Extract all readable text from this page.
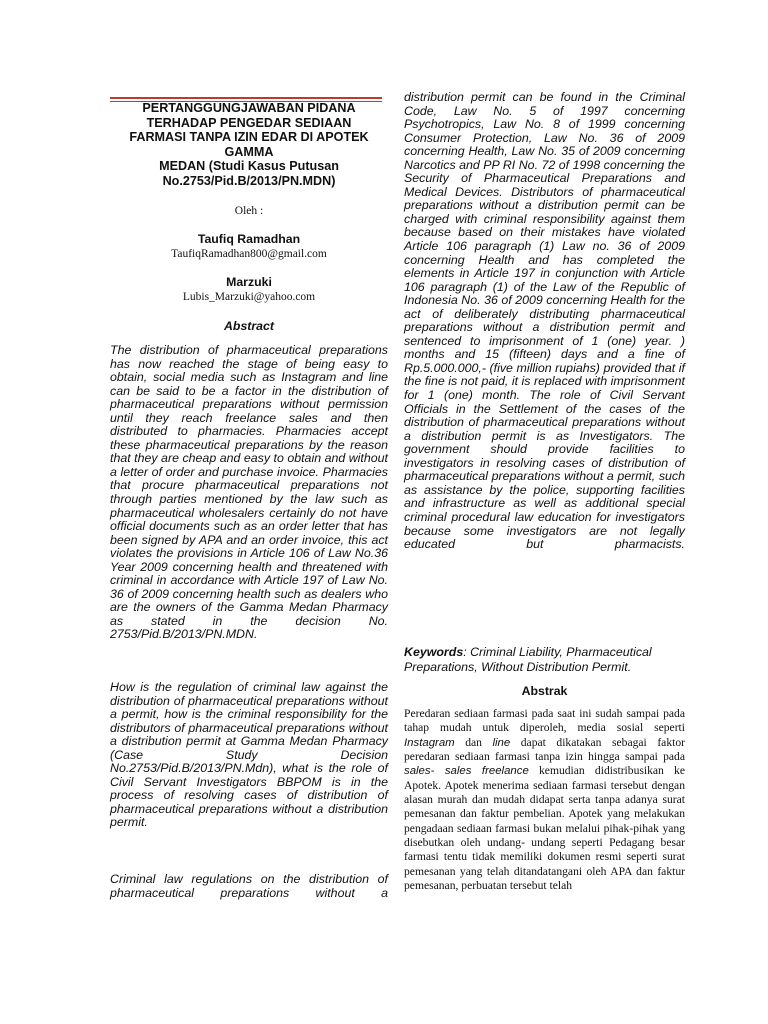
PERTANGGUNGJAWABAN PIDANA
TERHADAP PENGEDAR SEDIAAN
FARMASI TANPA IZIN EDAR DI APOTEK
GAMMA
MEDAN (Studi Kasus Putusan
No.2753/Pid.B/2013/PN.MDN)
Oleh :
Taufiq Ramadhan
TaufiqRamadhan800@gmail.com
Marzuki
Lubis_Marzuki@yahoo.com
Abstract

The distribution of pharmaceutical preparations has now reached the stage of being easy to obtain, social media such as Instagram and line can be said to be a factor in the distribution of pharmaceutical preparations without permission until they reach freelance sales and then distributed to pharmacies. Pharmacies accept these pharmaceutical preparations by the reason that they are cheap and easy to obtain and without a letter of order and purchase invoice. Pharmacies that procure pharmaceutical preparations not through parties mentioned by the law such as pharmaceutical wholesalers certainly do not have official documents such as an order letter that has been signed by APA and an order invoice, this act violates the provisions in Article 106 of Law No.36 Year 2009 concerning health and threatened with criminal in accordance with Article 197 of Law No. 36 of 2009 concerning health such as dealers who are the owners of the Gamma Medan Pharmacy as stated in the decision No. 2753/Pid.B/2013/PN.MDN.

How is the regulation of criminal law against the distribution of pharmaceutical preparations without a permit, how is the criminal responsibility for the distributors of pharmaceutical preparations without a distribution permit at Gamma Medan Pharmacy (Case Study Decision No.2753/Pid.B/2013/PN.Mdn), what is the role of Civil Servant Investigators BBPOM is in the process of resolving cases of distribution of pharmaceutical preparations without a distribution permit.

Criminal law regulations on the distribution of pharmaceutical preparations without a

distribution permit can be found in the Criminal Code, Law No. 5 of 1997 concerning Psychotropics, Law No. 8 of 1999 concerning Consumer Protection, Law No. 36 of 2009 concerning Health, Law No. 35 of 2009 concerning Narcotics and PP RI No. 72 of 1998 concerning the Security of Pharmaceutical Preparations and Medical Devices. Distributors of pharmaceutical preparations without a distribution permit can be charged with criminal responsibility against them because based on their mistakes have violated Article 106 paragraph (1) Law no. 36 of 2009 concerning Health and has completed the elements in Article 197 in conjunction with Article 106 paragraph (1) of the Law of the Republic of Indonesia No. 36 of 2009 concerning Health for the act of deliberately distributing pharmaceutical preparations without a distribution permit and sentenced to imprisonment of 1 (one) year. ) months and 15 (fifteen) days and a fine of Rp.5.000.000,- (five million rupiahs) provided that if the fine is not paid, it is replaced with imprisonment for 1 (one) month. The role of Civil Servant Officials in the Settlement of the cases of the distribution of pharmaceutical preparations without a distribution permit is as Investigators. The government should provide facilities to investigators in resolving cases of distribution of pharmaceutical preparations without a permit, such as assistance by the police, supporting facilities and infrastructure as well as additional special criminal procedural law education for investigators because some investigators are not legally educated but pharmacists.

Keywords: Criminal Liability, Pharmaceutical Preparations, Without Distribution Permit.

Abstrak

Peredaran sediaan farmasi pada saat ini sudah sampai pada tahap mudah untuk diperoleh, media sosial seperti Instagram dan line dapat dikatakan sebagai faktor peredaran sediaan farmasi tanpa izin hingga sampai pada sales- sales freelance kemudian didistribusikan ke Apotek. Apotek menerima sediaan farmasi tersebut dengan alasan murah dan mudah didapat serta tanpa adanya surat pemesanan dan faktur pembelian. Apotek yang melakukan pengadaan sediaan farmasi bukan melalui pihak-pihak yang disebutkan oleh undang- undang seperti Pedagang besar farmasi tentu tidak memiliki dokumen resmi seperti surat pemesanan yang telah ditandatangani oleh APA dan faktur pemesanan, perbuatan tersebut telah
